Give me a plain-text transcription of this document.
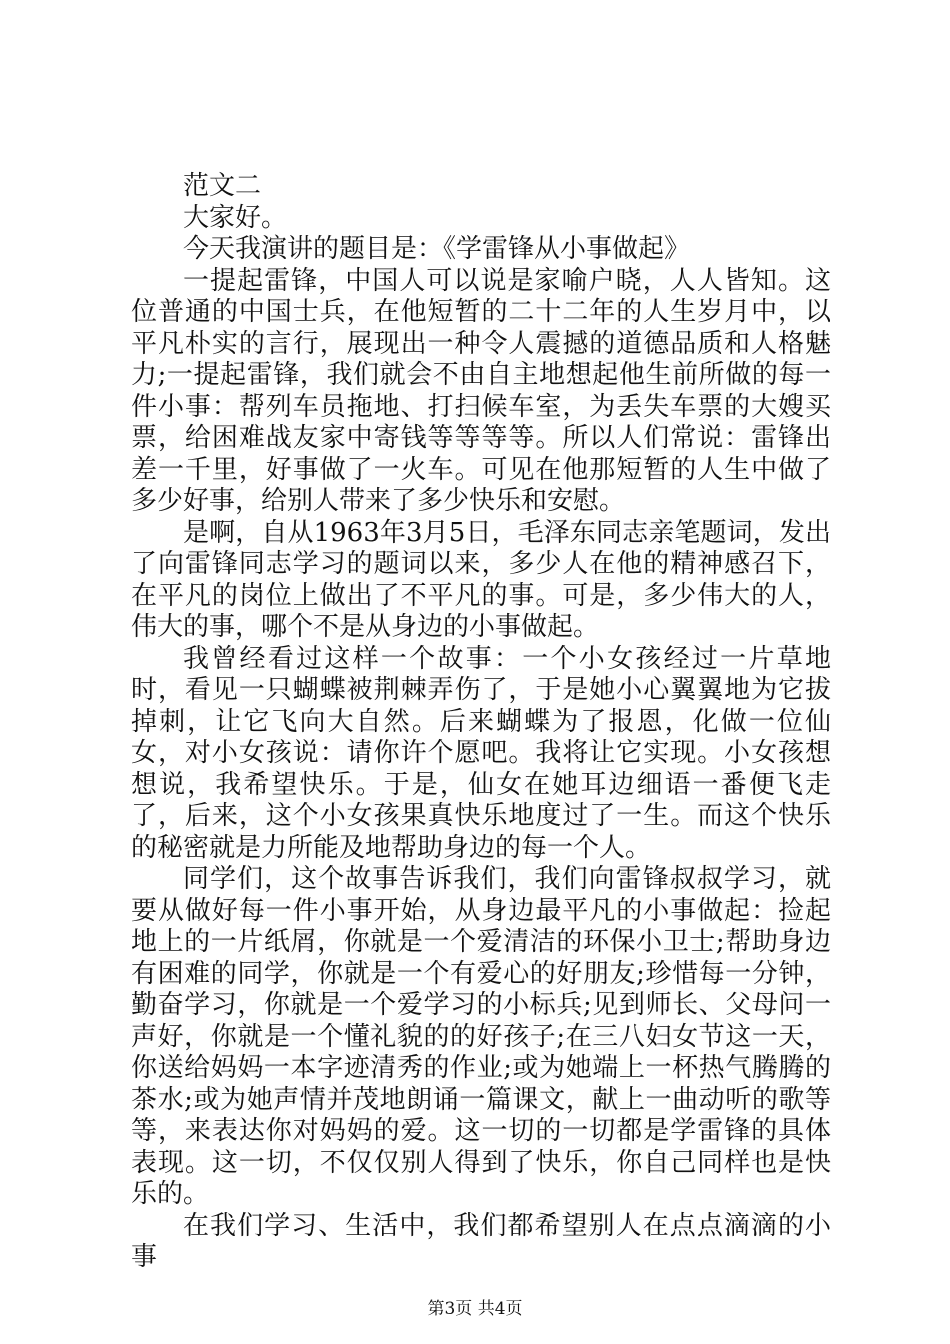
范文二

大家好。

今天我演讲的题目是：《学雷锋从小事做起》

一提起雷锋，中国人可以说是家喻户晓，人人皆知。这位普通的中国士兵，在他短暂的二十二年的人生岁月中，以平凡朴实的言行，展现出一种令人震撼的道德品质和人格魅力;一提起雷锋，我们就会不由自主地想起他生前所做的每一件小事：帮列车员拖地、打扫候车室，为丢失车票的大嫂买票，给困难战友家中寄钱等等等等。所以人们常说：雷锋出差一千里，好事做了一火车。可见在他那短暂的人生中做了多少好事，给别人带来了多少快乐和安慰。

是啊，自从1963年3月5日，毛泽东同志亲笔题词，发出了向雷锋同志学习的题词以来，多少人在他的精神感召下，在平凡的岗位上做出了不平凡的事。可是，多少伟大的人，伟大的事，哪个不是从身边的小事做起。

我曾经看过这样一个故事：一个小女孩经过一片草地时，看见一只蝴蝶被荆棘弄伤了，于是她小心翼翼地为它拔掉刺，让它飞向大自然。后来蝴蝶为了报恩，化做一位仙女，对小女孩说：请你许个愿吧。我将让它实现。小女孩想想说，我希望快乐。于是，仙女在她耳边细语一番便飞走了，后来，这个小女孩果真快乐地度过了一生。而这个快乐的秘密就是力所能及地帮助身边的每一个人。

同学们，这个故事告诉我们，我们向雷锋叔叔学习，就要从做好每一件小事开始，从身边最平凡的小事做起：捡起地上的一片纸屑，你就是一个爱清洁的环保小卫士;帮助身边有困难的同学，你就是一个有爱心的好朋友;珍惜每一分钟，勤奋学习，你就是一个爱学习的小标兵;见到师长、父母问一声好，你就是一个懂礼貌的的好孩子;在三八妇女节这一天，你送给妈妈一本字迹清秀的作业;或为她端上一杯热气腾腾的茶水;或为她声情并茂地朗诵一篇课文，献上一曲动听的歌等等，来表达你对妈妈的爱。这一切的一切都是学雷锋的具体表现。这一切，不仅仅别人得到了快乐，你自己同样也是快乐的。

在我们学习、生活中，我们都希望别人在点点滴滴的小事

第3页 共4页
